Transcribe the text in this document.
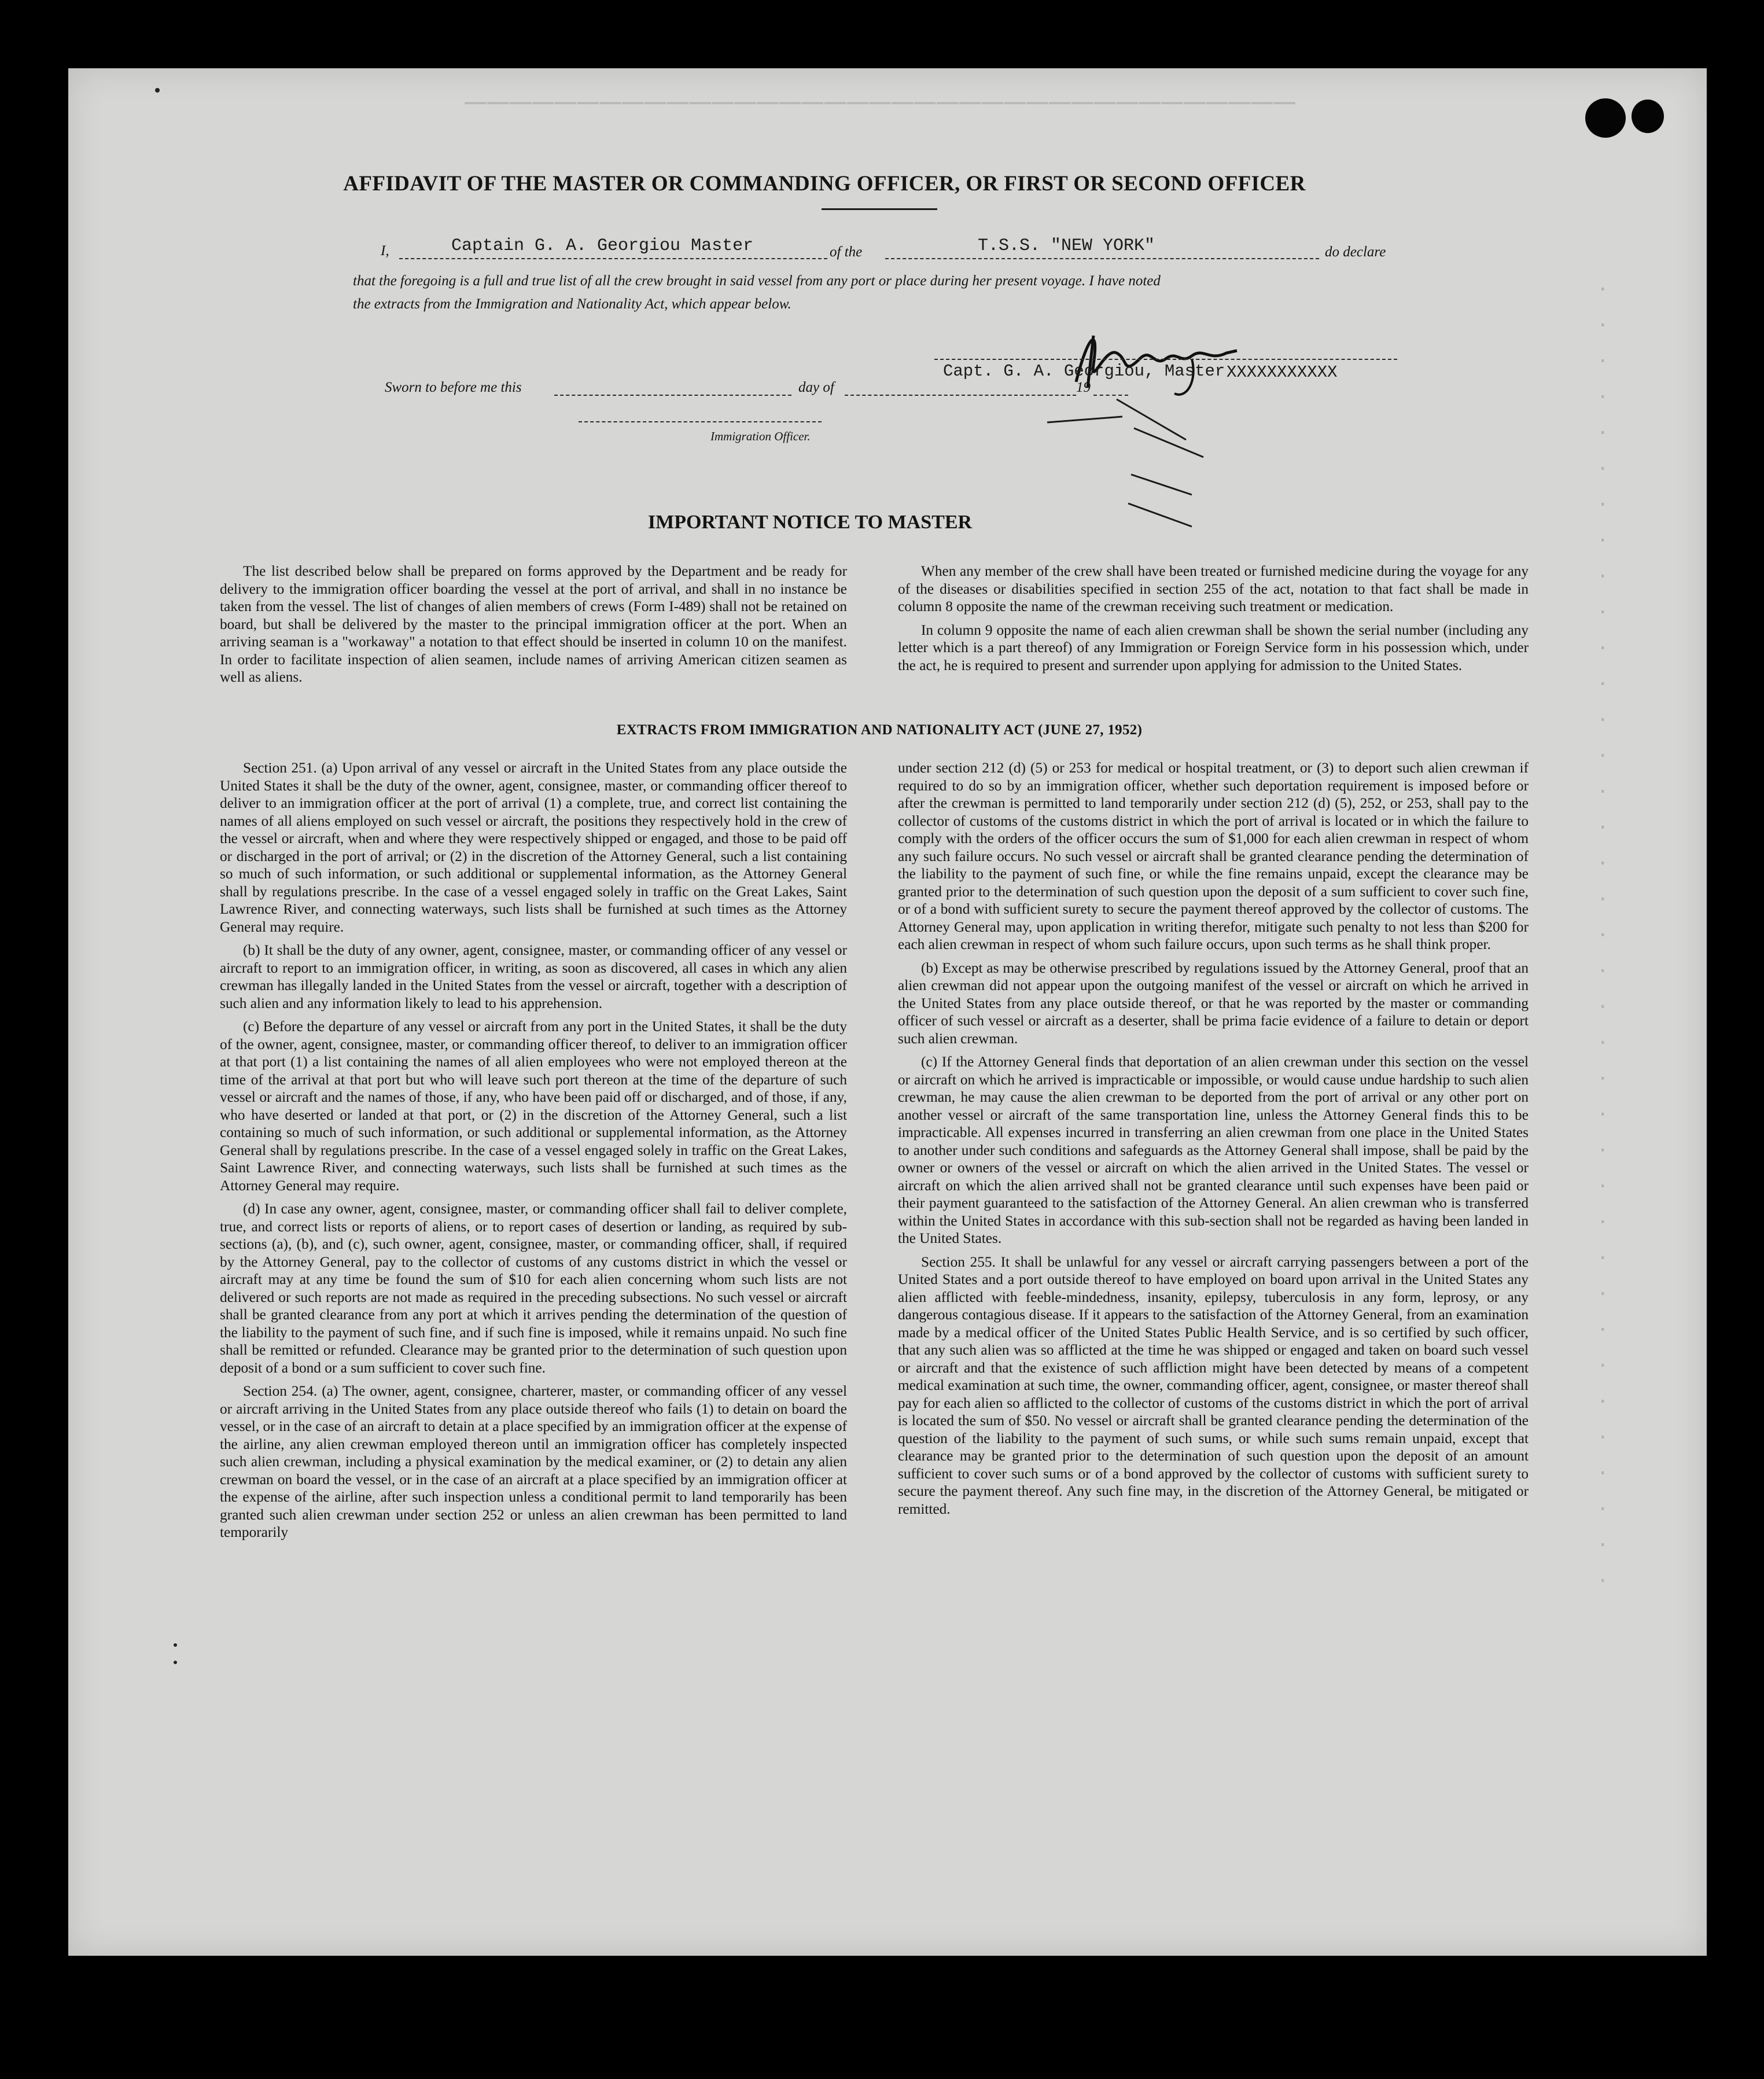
─────────────────────────────────────
·
·
·
·
·
·
·
·
·
·
·
·
·
·
·
·
·
·
·
·
·
·
·
·
·
·
·
·
·
·
·
·
·
·
·
·
·
AFFIDAVIT OF THE MASTER OR COMMANDING OFFICER, OR FIRST OR SECOND OFFICER
I,	Captain G. A. Georgiou Master	of the	T.S.S. "NEW YORK"	do declare
that the foregoing is a full and true list of all the crew brought in said vessel from any port or place during her present voyage. I have noted
the extracts from the Immigration and Nationality Act, which appear below.
Capt. G. A. Georgiou, Master XXXXXXXXXXX
Sworn to before me this	day of	19
Immigration Officer.
IMPORTANT NOTICE TO MASTER

The list described below shall be prepared on forms approved by the Department and be ready for delivery to the immigration officer boarding the vessel at the port of arrival, and shall in no instance be taken from the vessel. The list of changes of alien members of crews (Form I-489) shall not be retained on board, but shall be delivered by the master to the principal immigration officer at the port. When an arriving seaman is a "workaway" a notation to that effect should be inserted in column 10 on the manifest. In order to facilitate inspection of alien seamen, include names of arriving American citizen seamen as well as aliens.

When any member of the crew shall have been treated or furnished medicine during the voyage for any of the diseases or disabilities specified in section 255 of the act, notation to that fact shall be made in column 8 opposite the name of the crewman receiving such treatment or medication.

In column 9 opposite the name of each alien crewman shall be shown the serial number (including any letter which is a part thereof) of any Immigration or Foreign Service form in his possession which, under the act, he is required to present and surrender upon applying for admission to the United States.

EXTRACTS FROM IMMIGRATION AND NATIONALITY ACT (JUNE 27, 1952)

Section 251. (a) Upon arrival of any vessel or aircraft in the United States from any place outside the United States it shall be the duty of the owner, agent, consignee, master, or commanding officer thereof to deliver to an immigration officer at the port of arrival (1) a complete, true, and correct list containing the names of all aliens employed on such vessel or aircraft, the positions they respectively hold in the crew of the vessel or aircraft, when and where they were respectively shipped or engaged, and those to be paid off or discharged in the port of arrival; or (2) in the discretion of the Attorney General, such a list containing so much of such information, or such additional or supplemental information, as the Attorney General shall by regulations prescribe. In the case of a vessel engaged solely in traffic on the Great Lakes, Saint Lawrence River, and connecting waterways, such lists shall be furnished at such times as the Attorney General may require.

(b) It shall be the duty of any owner, agent, consignee, master, or commanding officer of any vessel or aircraft to report to an immigration officer, in writing, as soon as discovered, all cases in which any alien crewman has illegally landed in the United States from the vessel or aircraft, together with a description of such alien and any information likely to lead to his apprehension.

(c) Before the departure of any vessel or aircraft from any port in the United States, it shall be the duty of the owner, agent, consignee, master, or commanding officer thereof, to deliver to an immigration officer at that port (1) a list containing the names of all alien employees who were not employed thereon at the time of the arrival at that port but who will leave such port thereon at the time of the departure of such vessel or aircraft and the names of those, if any, who have been paid off or discharged, and of those, if any, who have deserted or landed at that port, or (2) in the discretion of the Attorney General, such a list containing so much of such information, or such additional or supplemental information, as the Attorney General shall by regulations prescribe. In the case of a vessel engaged solely in traffic on the Great Lakes, Saint Lawrence River, and connecting waterways, such lists shall be furnished at such times as the Attorney General may require.

(d) In case any owner, agent, consignee, master, or commanding officer shall fail to deliver complete, true, and correct lists or reports of aliens, or to report cases of desertion or landing, as required by sub-sections (a), (b), and (c), such owner, agent, consignee, master, or commanding officer, shall, if required by the Attorney General, pay to the collector of customs of any customs district in which the vessel or aircraft may at any time be found the sum of $10 for each alien concerning whom such lists are not delivered or such reports are not made as required in the preceding subsections. No such vessel or aircraft shall be granted clearance from any port at which it arrives pending the determination of the question of the liability to the payment of such fine, and if such fine is imposed, while it remains unpaid. No such fine shall be remitted or refunded. Clearance may be granted prior to the determination of such question upon deposit of a bond or a sum sufficient to cover such fine.

Section 254. (a) The owner, agent, consignee, charterer, master, or commanding officer of any vessel or aircraft arriving in the United States from any place outside thereof who fails (1) to detain on board the vessel, or in the case of an aircraft to detain at a place specified by an immigration officer at the expense of the airline, any alien crewman employed thereon until an immigration officer has completely inspected such alien crewman, including a physical examination by the medical examiner, or (2) to detain any alien crewman on board the vessel, or in the case of an aircraft at a place specified by an immigration officer at the expense of the airline, after such inspection unless a conditional permit to land temporarily has been granted such alien crewman under section 252 or unless an alien crewman has been permitted to land temporarily

under section 212 (d) (5) or 253 for medical or hospital treatment, or (3) to deport such alien crewman if required to do so by an immigration officer, whether such deportation requirement is imposed before or after the crewman is permitted to land temporarily under section 212 (d) (5), 252, or 253, shall pay to the collector of customs of the customs district in which the port of arrival is located or in which the failure to comply with the orders of the officer occurs the sum of $1,000 for each alien crewman in respect of whom any such failure occurs. No such vessel or aircraft shall be granted clearance pending the determination of the liability to the payment of such fine, or while the fine remains unpaid, except the clearance may be granted prior to the determination of such question upon the deposit of a sum sufficient to cover such fine, or of a bond with sufficient surety to secure the payment thereof approved by the collector of customs. The Attorney General may, upon application in writing therefor, mitigate such penalty to not less than $200 for each alien crewman in respect of whom such failure occurs, upon such terms as he shall think proper.

(b) Except as may be otherwise prescribed by regulations issued by the Attorney General, proof that an alien crewman did not appear upon the outgoing manifest of the vessel or aircraft on which he arrived in the United States from any place outside thereof, or that he was reported by the master or commanding officer of such vessel or aircraft as a deserter, shall be prima facie evidence of a failure to detain or deport such alien crewman.

(c) If the Attorney General finds that deportation of an alien crewman under this section on the vessel or aircraft on which he arrived is impracticable or impossible, or would cause undue hardship to such alien crewman, he may cause the alien crewman to be deported from the port of arrival or any other port on another vessel or aircraft of the same transportation line, unless the Attorney General finds this to be impracticable. All expenses incurred in transferring an alien crewman from one place in the United States to another under such conditions and safeguards as the Attorney General shall impose, shall be paid by the owner or owners of the vessel or aircraft on which the alien arrived in the United States. The vessel or aircraft on which the alien arrived shall not be granted clearance until such expenses have been paid or their payment guaranteed to the satisfaction of the Attorney General. An alien crewman who is transferred within the United States in accordance with this sub-section shall not be regarded as having been landed in the United States.

Section 255. It shall be unlawful for any vessel or aircraft carrying passengers between a port of the United States and a port outside thereof to have employed on board upon arrival in the United States any alien afflicted with feeble-mindedness, insanity, epilepsy, tuberculosis in any form, leprosy, or any dangerous contagious disease. If it appears to the satisfaction of the Attorney General, from an examination made by a medical officer of the United States Public Health Service, and is so certified by such officer, that any such alien was so afflicted at the time he was shipped or engaged and taken on board such vessel or aircraft and that the existence of such affliction might have been detected by means of a competent medical examination at such time, the owner, commanding officer, agent, consignee, or master thereof shall pay for each alien so afflicted to the collector of customs of the customs district in which the port of arrival is located the sum of $50. No vessel or aircraft shall be granted clearance pending the determination of the question of the liability to the payment of such sums, or while such sums remain unpaid, except that clearance may be granted prior to the determination of such question upon the deposit of an amount sufficient to cover such sums or of a bond approved by the collector of customs with sufficient surety to secure the payment thereof. Any such fine may, in the discretion of the Attorney General, be mitigated or remitted.
